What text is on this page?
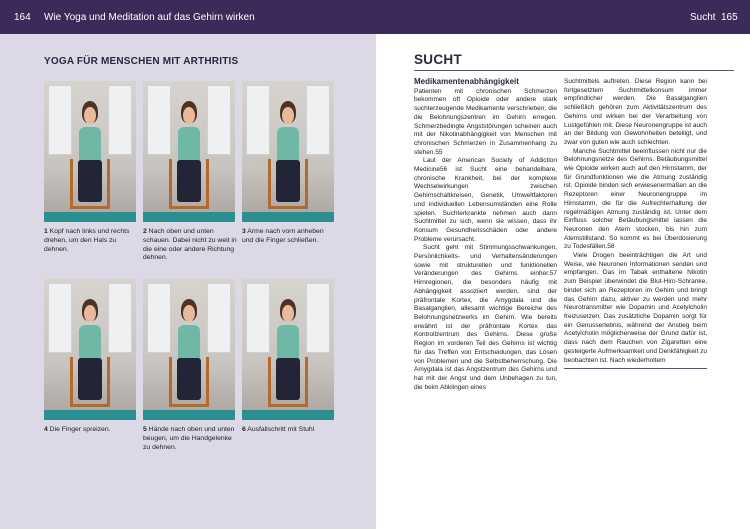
164 Wie Yoga und Meditation auf das Gehirn wirken	Sucht 165
YOGA FÜR MENSCHEN MIT ARTHRITIS
1 Kopf nach links und rechts drehen, um den Hals zu dehnen.
2 Nach oben und unten schauen. Dabei nicht zu weit in die eine oder andere Richtung dehnen.
3 Arme nach vorn anheben und die Finger schließen.
4 Die Finger spreizen.	5 Hände nach oben und unten beugen, um die Handgelenke zu dehnen.
6 Ausfallschritt mit Stuhl
SUCHT
Medikamentenabhängigkeit

Patienten mit chronischen Schmerzen bekommen oft Opioide oder andere stark suchterzeugende Medikamente verschrieben, die die Belohnungszentren im Gehirn erregen. Schmerzbedingte Angststörungen scheinen auch mit der Nikotinabhängigkeit von Menschen mit chronischen Schmerzen in Zusammenhang zu stehen.55

Laut der American Society of Addiction Medicine56 ist Sucht eine behandelbare, chronische Krankheit, bei der komplexe Wechselwirkungen zwischen Gehirnschaltkreisen, Genetik, Umweltfaktoren und individuellen Lebensumständen eine Rolle spielen. Suchterkrankte nehmen auch dann Suchtmittel zu sich, wenn sie wissen, dass ihr Konsum Gesundheitsschäden oder andere Probleme verursacht.

Sucht geht mit Stimmungsschwankungen, Persönlichkeits- und Verhaltensänderungen sowie mit strukturellen und funktionellen Veränderungen des Gehirns einher.57 Hirnregionen, die besonders häufig mit Abhängigkeit assoziiert werden, sind der präfrontale Kortex, die Amygdala und die Basalganglien, allesamt wichtige Bereiche des Belohnungsnetzwerks im Gehirn. Wie bereits erwähnt ist der präfrontale Kortex das Kontrollzentrum des Gehirns. Diese große Region im vorderen Teil des Gehirns ist wichtig für das Treffen von Entscheidungen, das Lösen von Problemen und die Selbstbeherrschung. Die Amygdala ist das Angstzentrum des Gehirns und hat mit der Angst und dem Unbehagen zu tun, die beim Abklingen eines

Suchtmittels auftreten. Diese Region kann bei fortgesetztem Suchtmittelkonsum immer empfindlicher werden. Die Basalganglien schließlich gehören zum Aktivitätszentrum des Gehirns und wirken bei der Verarbeitung von Lustgefühlen mit. Diese Neuronengruppe ist auch an der Bildung von Gewohnheiten beteiligt, und zwar von guten wie auch schlechten.

Manche Suchtmittel beeinflussen nicht nur die Belohnungsnetze des Gehirns. Betäubungsmittel wie Opioide wirken auch auf den Hirnstamm, der für Grundfunktionen wie die Atmung zuständig ist. Opioide binden sich erwiesenermaßen an die Rezeptoren einer Neuronengruppe im Hirnstamm, die für die Aufrechterhaltung der regelmäßigen Atmung zuständig ist. Unter dem Einfluss solcher Betäubungsmittel lassen die Neuronen den Atem stocken, bis hin zum Atemstillstand. So kommt es bei Überdosierung zu Todesfällen.58

Viele Drogen beeinträchtigen die Art und Weise, wie Neuronen Informationen senden und empfangen. Das im Tabak enthaltene Nikotin zum Beispiel überwindet die Blut-Hirn-Schranke, bindet sich an Rezeptoren im Gehirn und bringt das Gehirn dazu, aktiver zu werden und mehr Neurotransmitter wie Dopamin und Acetylcholin freizusetzen. Das zusätzliche Dopamin sorgt für ein Genusserlebnis, während der Anstieg beim Acetylcholin möglicherweise der Grund dafür ist, dass nach dem Rauchen von Zigaretten eine gesteigerte Aufmerksamkeit und Denkfähigkeit zu beobachten ist. Nach wiederholtem
